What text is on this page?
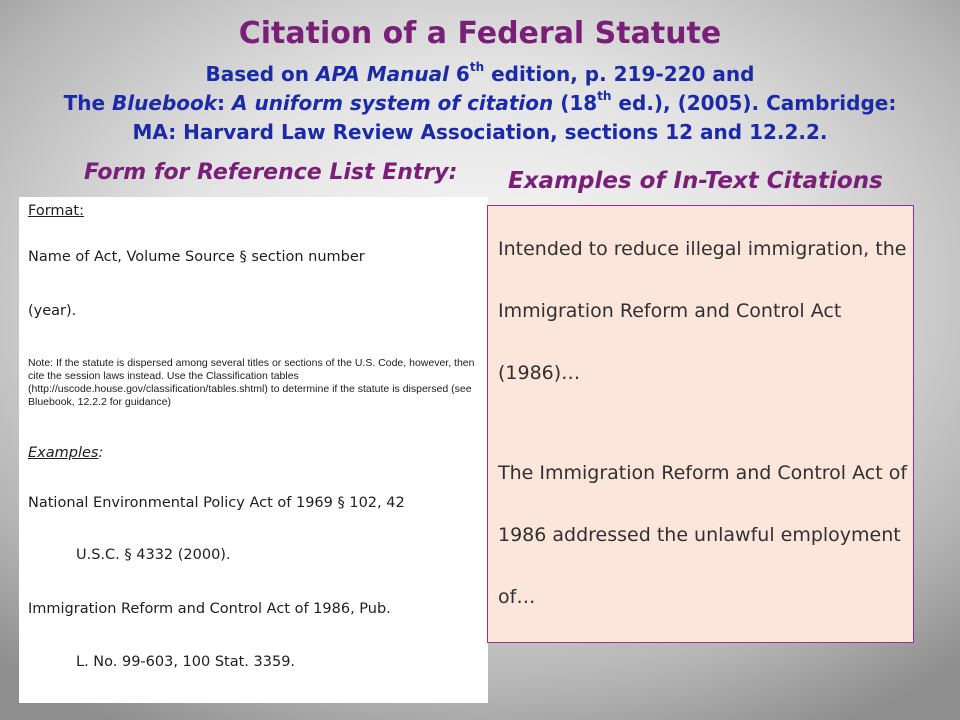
Citation of a Federal Statute
Based on APA Manual 6th edition, p. 219-220 and
The Bluebook: A uniform system of citation (18th ed.), (2005). Cambridge:
MA: Harvard Law Review Association, sections 12 and 12.2.2.
Form for Reference List Entry: Examples of In-Text Citations

Format:

Name of Act, Volume Source § section number

(year).

Note: If the statute is dispersed among several titles or sections of the U.S. Code, however, then cite the session laws instead. Use the Classification tables (http://uscode.house.gov/classification/tables.shtml) to determine if the statute is dispersed (see Bluebook, 12.2.2 for guidance)

Examples:

National Environmental Policy Act of 1969 § 102, 42

U.S.C. § 4332 (2000).

Immigration Reform and Control Act of 1986, Pub.

L. No. 99-603, 100 Stat. 3359.

Intended to reduce illegal immigration, the Immigration Reform and Control Act (1986)…

The Immigration Reform and Control Act of 1986 addressed the unlawful employment of…
